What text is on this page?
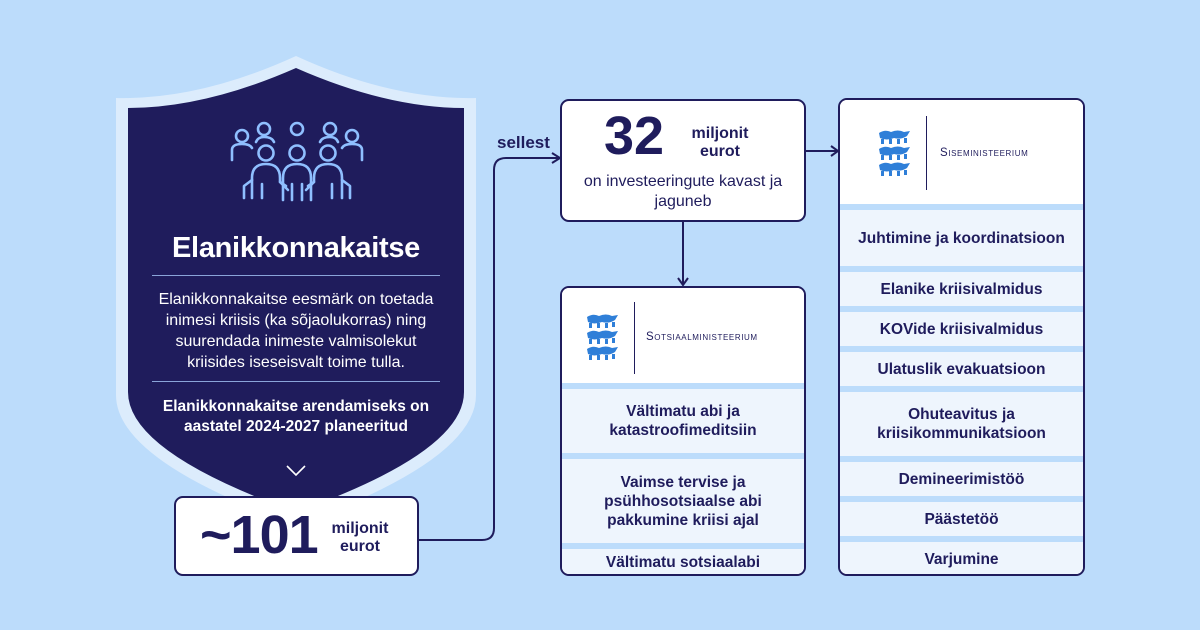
Elanikkonnakaitse
Elanikkonnakaitse eesmärk on toetada inimesi kriisis (ka sõjaolukorras) ning suurendada inimeste valmisolekut kriisides iseseisvalt toime tulla.
Elanikkonnakaitse arendamiseks on aastatel 2024-2027 planeeritud
~101 miljonit eurot
sellest 32	miljonit eurot
on investeeringute kavast ja jaguneb
Sotsiaalministeerium
Vältimatu abi ja katastroofimeditsiin
Vaimse tervise ja psühhosotsiaalse abi pakkumine kriisi ajal
Vältimatu sotsiaalabi
Siseministeerium
Juhtimine ja koordinatsioon
Elanike kriisivalmidus
KOVide kriisivalmidus
Ulatuslik evakuatsioon
Ohuteavitus ja kriisikommunikatsioon
Demineerimistöö
Päästetöö
Varjumine
